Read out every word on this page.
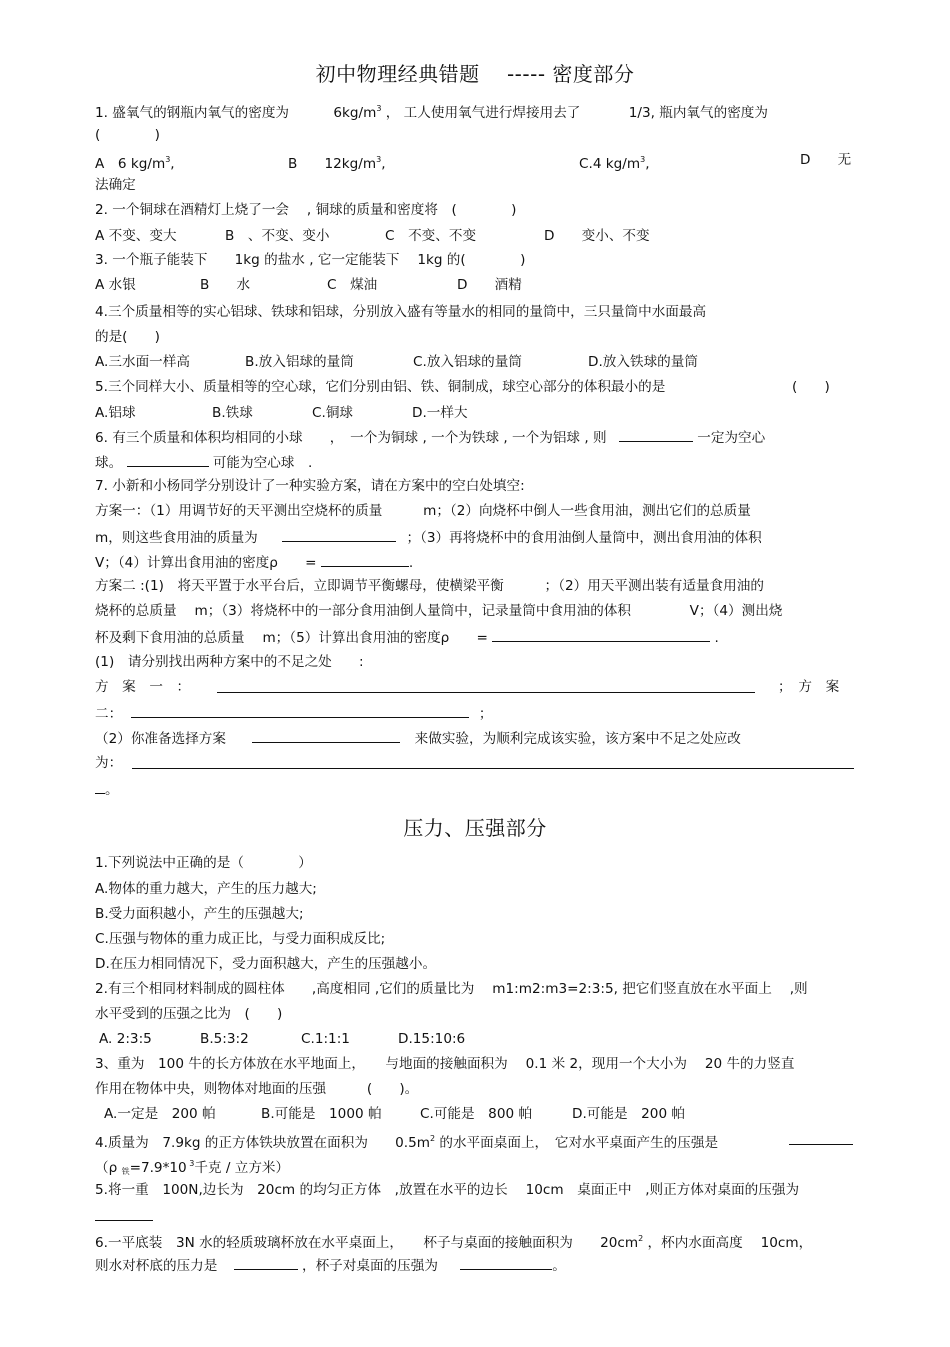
初中物理经典错题　 ----- 密度部分
1. 盛氧气的钢瓶内氧气的密度为	$6kg/m^3$ ， 工人使用氧气进行焊接用去了	1/3, 瓶内氧气的密度为
(　　　　)
A　6 $kg/m^3$,	B　　$12kg/m^3$,	C.4 $kg/m^3$,	D　　无
法确定
2. 一个铜球在酒精灯上烧了一会　 , 铜球的质量和密度将　(　　　　)
A 不变、变大	B　、不变、变小	C　不变、不变	D　　变小、不变
3. 一个瓶子能装下　　1kg 的盐水 , 它一定能装下　 1kg 的(　　　　)
A 水银	B　　水	C　煤油	D　　酒精
4.三个质量相等的实心铝球、铁球和铝球，分别放入盛有等量水的相同的量筒中，三只量筒中水面最高
的是(　　)
A.三水面一样高	B.放入铝球的量筒	C.放入铝球的量筒	D.放入铁球的量筒
5.三个同样大小、质量相等的空心球，它们分别由铝、铁、铜制成，球空心部分的体积最小的是	(　　)
A.铝球	B.铁球	C.铜球	D.一样大
6. 有三个质量和体积均相同的小球　　，　一个为铜球 , 一个为铁球 , 一个为铝球 , 则	一定为空心
球。	可能为空心球　.
7. 小新和小杨同学分别设计了一种实验方案，请在方案中的空白处填空:
方案一：（1）用调节好的天平测出空烧杯的质量　　　m；（2）向烧杯中倒人一些食用油，测出它们的总质量
m，则这些食用油的质量为	；（3）再将烧杯中的食用油倒人量筒中，测出食用油的体积
V；（4）计算出食用油的密度ρ　　=	.
方案二 :(1)　将天平置于水平台后，立即调节平衡螺母，使横梁平衡　　　；（2）用天平测出装有适量食用油的
烧杯的总质量　 m；（3）将烧杯中的一部分食用油倒人量筒中，记录量筒中食用油的体积　　　　 V；（4）测出烧
杯及剩下食用油的总质量　 m；（5）计算出食用油的密度ρ　　=	.
(1)　请分别找出两种方案中的不足之处　　:
方　案　一　：	；　方　案
二：	；
（2）你准备选择方案	来做实验，为顺利完成该实验，该方案中不足之处应改
为：
。
压力、压强部分
1.下列说法中正确的是（　　　　）
A.物体的重力越大，产生的压力越大;
B.受力面积越小，产生的压强越大;
C.压强与物体的重力成正比，与受力面积成反比;
D.在压力相同情况下，受力面积越大，产生的压强越小。
2.有三个相同材料制成的圆柱体　　,高度相同 ,它们的质量比为　 m1:m2:m3=2:3:5, 把它们竖直放在水平面上　 ,则
水平受到的压强之比为　(　　)
A. 2:3:5	B.5:3:2	C.1:1:1	D.15:10:6
3、重为　100 牛的长方体放在水平地面上，　　与地面的接触面积为　 0.1 米 2，现用一个大小为　 20 牛的力竖直
作用在物体中央，则物体对地面的压强　　　(　　)。
A.一定是　200 帕	B.可能是　1000 帕	C.可能是　800 帕	D.可能是　200 帕
4.质量为　7.9kg 的正方体铁块放置在面积为　　$0.5m^2$ 的水平面桌面上，　它对水平桌面产生的压强是
（ρ 铁=7.9*10 $^3$千克 / 立方米）
5.将一重　100N,边长为　20cm 的均匀正方体　,放置在水平的边长　 10cm　桌面正中　,则正方体对桌面的压强为
6.一平底装　3N 水的轻质玻璃杯放在水平桌面上，　　杯子与桌面的接触面积为　　$20cm^2$ ，杯内水面高度　 10cm，
则水对杯底的压力是	，杯子对桌面的压强为	。
